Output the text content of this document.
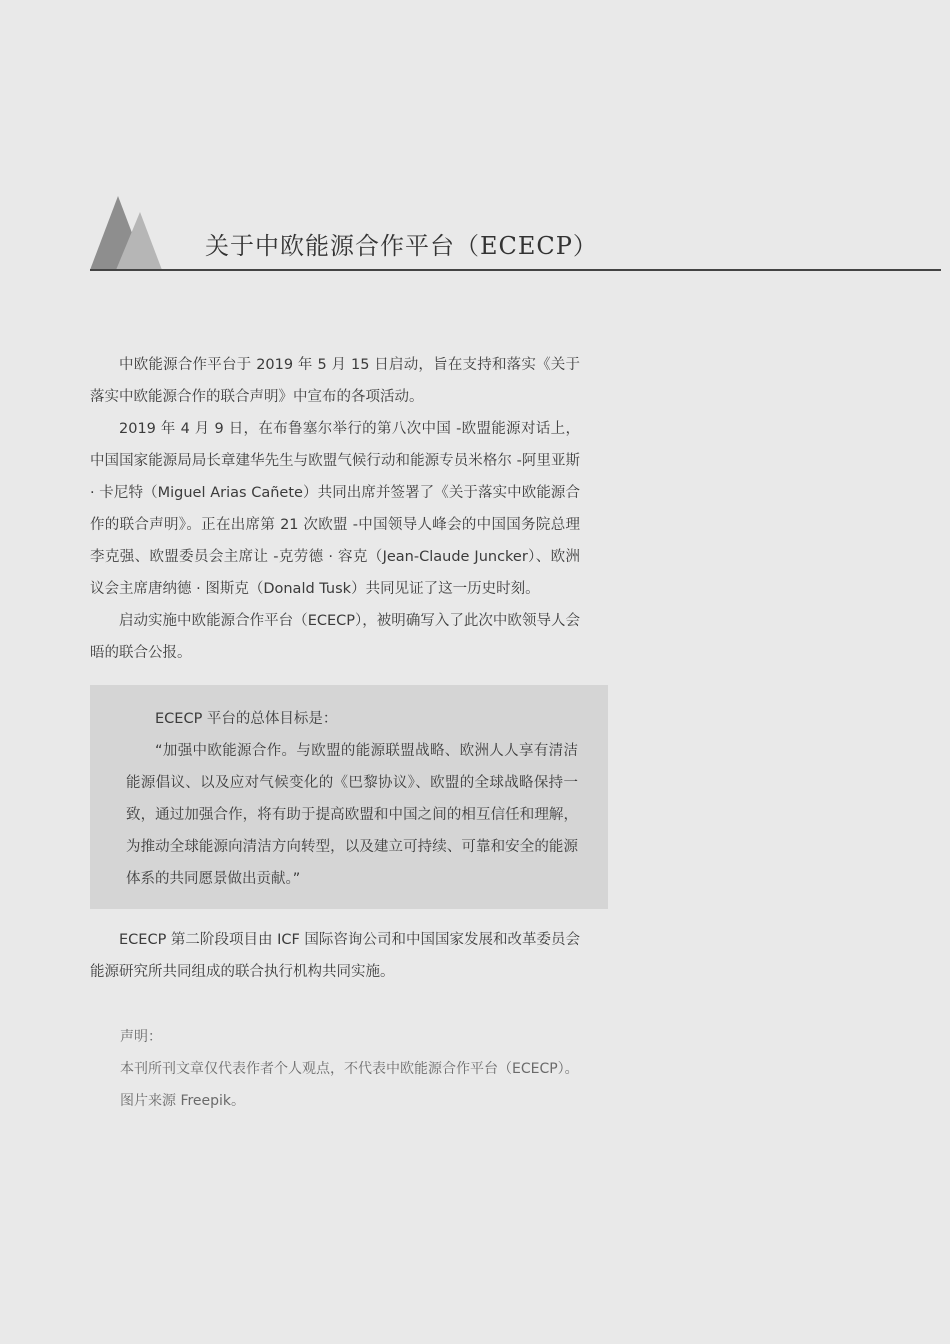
关于中欧能源合作平台（ECECP）

中欧能源合作平台于 2019 年 5 月 15 日启动，旨在支持和落实《关于落实中欧能源合作的联合声明》中宣布的各项活动。

2019 年 4 月 9 日，在布鲁塞尔举行的第八次中国 -欧盟能源对话上，中国国家能源局局长章建华先生与欧盟气候行动和能源专员米格尔 -阿里亚斯 · 卡尼特（Miguel Arias Cañete）共同出席并签署了《关于落实中欧能源合作的联合声明》。正在出席第 21 次欧盟 -中国领导人峰会的中国国务院总理李克强、欧盟委员会主席让 -克劳德 · 容克（Jean-Claude Juncker）、欧洲议会主席唐纳德 · 图斯克（Donald Tusk）共同见证了这一历史时刻。

启动实施中欧能源合作平台（ECECP），被明确写入了此次中欧领导人会晤的联合公报。

ECECP 平台的总体目标是：

“加强中欧能源合作。与欧盟的能源联盟战略、欧洲人人享有清洁能源倡议、以及应对气候变化的《巴黎协议》、欧盟的全球战略保持一致，通过加强合作，将有助于提高欧盟和中国之间的相互信任和理解，为推动全球能源向清洁方向转型，以及建立可持续、可靠和安全的能源体系的共同愿景做出贡献。”

ECECP 第二阶段项目由 ICF 国际咨询公司和中国国家发展和改革委员会能源研究所共同组成的联合执行机构共同实施。

声明：

本刊所刊文章仅代表作者个人观点，不代表中欧能源合作平台（ECECP）。

图片来源 Freepik。
